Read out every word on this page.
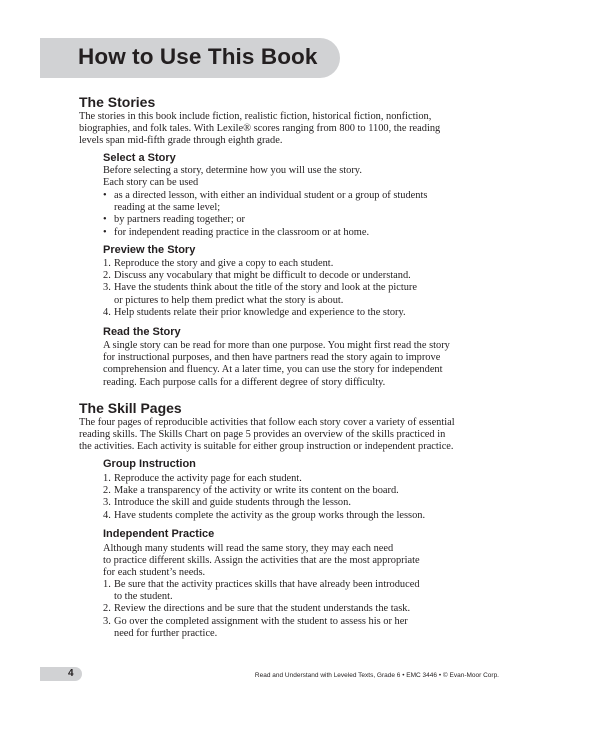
How to Use This Book
The Stories
The stories in this book include fiction, realistic fiction, historical fiction, nonfiction,
biographies, and folk tales. With Lexile® scores ranging from 800 to 1100, the reading
levels span mid-fifth grade through eighth grade.
Select a Story
Before selecting a story, determine how you will use the story.
Each story can be used
• as a directed lesson, with either an individual student or a group of students
reading at the same level;
• by partners reading together; or
• for independent reading practice in the classroom or at home.
Preview the Story
1. Reproduce the story and give a copy to each student.
2. Discuss any vocabulary that might be difficult to decode or understand.
3. Have the students think about the title of the story and look at the picture
or pictures to help them predict what the story is about.
4. Help students relate their prior knowledge and experience to the story.
Read the Story
A single story can be read for more than one purpose. You might first read the story
for instructional purposes, and then have partners read the story again to improve
comprehension and fluency. At a later time, you can use the story for independent
reading. Each purpose calls for a different degree of story difficulty.
The Skill Pages
The four pages of reproducible activities that follow each story cover a variety of essential
reading skills. The Skills Chart on page 5 provides an overview of the skills practiced in
the activities. Each activity is suitable for either group instruction or independent practice.
Group Instruction
1. Reproduce the activity page for each student.
2. Make a transparency of the activity or write its content on the board.
3. Introduce the skill and guide students through the lesson.
4. Have students complete the activity as the group works through the lesson.
Independent Practice
Although many students will read the same story, they may each need
to practice different skills. Assign the activities that are the most appropriate
for each student’s needs.
1. Be sure that the activity practices skills that have already been introduced
to the student.
2. Review the directions and be sure that the student understands the task.
3. Go over the completed assignment with the student to assess his or her
need for further practice.
4	Read and Understand with Leveled Texts, Grade 6 • EMC 3446 • © Evan-Moor Corp.
